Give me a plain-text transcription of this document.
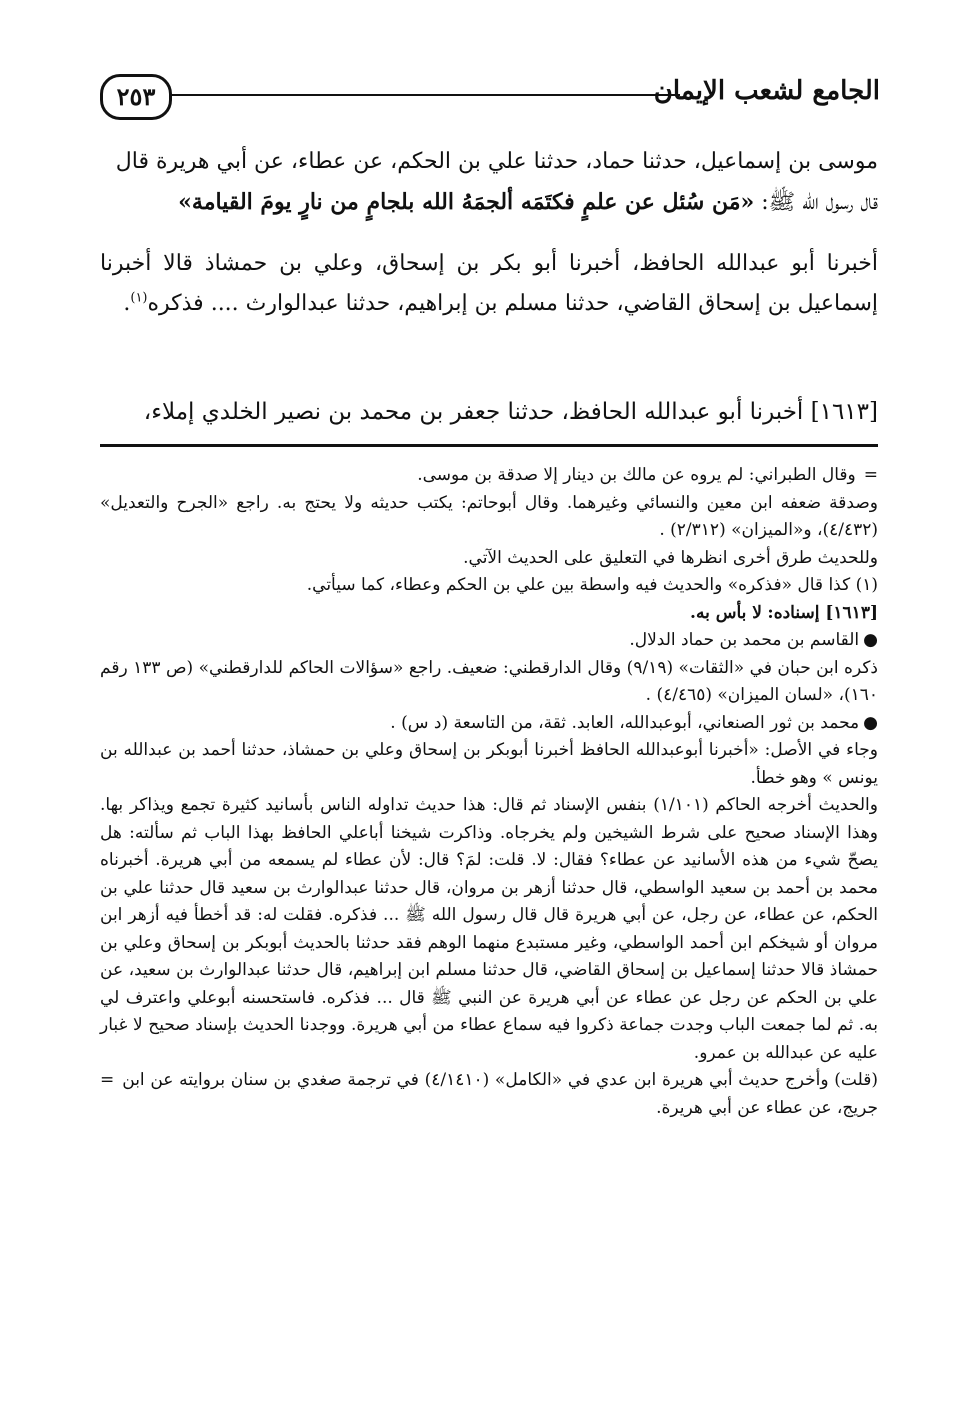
٢٥٣	الجامع لشعب الإيمان
موسى بن إسماعيل، حدثنا حماد، حدثنا علي بن الحكم، عن عطاء، عن أبي هريرة قال
قال رسول الله ﷺ: «مَن سُئل عن علمٍ فكتَمَه ألجمَهُ الله بلجامٍ من نارٍ يومَ القيامة»
أخبرنا أبو عبدالله الحافظ، أخبرنا أبو بكر بن إسحاق، وعلي بن حمشاذ قالا أخبرنا إسماعيل بن إسحاق القاضي، حدثنا مسلم بن إبراهيم، حدثنا عبدالوارث .... فذكره$^{(١)}$.
[١٦١٣] أخبرنا أبو عبدالله الحافظ، حدثنا جعفر بن محمد بن نصير الخلدي إملاء،

=
وقال الطبراني: لم يروه عن مالك بن دينار إلا صدقة بن موسى.

وصدقة ضعفه ابن معين والنسائي وغيرهما. وقال أبوحاتم: يكتب حديثه ولا يحتج به. راجع «الجرح والتعديل» (٤/٤٣٢)، و«الميزان» (٢/٣١٢) .

وللحديث طرق أخرى انظرها في التعليق على الحديث الآتي.

(١) كذا قال «فذكره» والحديث فيه واسطة بين علي بن الحكم وعطاء، كما سيأتي.

[١٦١٣] إسناده: لا بأس به.

●القاسم بن محمد بن حماد الدلال.

ذكره ابن حبان في «الثقات» (٩/١٩) وقال الدارقطني: ضعيف. راجع «سؤالات الحاكم للدارقطني» (ص ١٣٣ رقم ١٦٠)، «لسان الميزان» (٤/٤٦٥) .

●محمد بن ثور الصنعاني، أبوعبدالله، العابد. ثقة، من التاسعة (د س) .

وجاء في الأصل: «أخبرنا أبوعبدالله الحافظ أخبرنا أبوبكر بن إسحاق وعلي بن حمشاذ، حدثنا أحمد بن عبدالله بن يونس » وهو خطأ.

والحديث أخرجه الحاكم (١/١٠١) بنفس الإسناد ثم قال: هذا حديث تداوله الناس بأسانيد كثيرة تجمع ويذاكر بها. وهذا الإسناد صحيح على شرط الشيخين ولم يخرجاه. وذاكرت شيخنا أباعلي الحافظ بهذا الباب ثم سألته: هل يصحّ شيء من هذه الأسانيد عن عطاء؟ فقال: لا. قلت: لمَ؟ قال: لأن عطاء لم يسمعه من أبي هريرة. أخبرناه محمد بن أحمد بن سعيد الواسطي، قال حدثنا أزهر بن مروان، قال حدثنا عبدالوارث بن سعيد قال حدثنا علي بن الحكم، عن عطاء، عن رجل، عن أبي هريرة قال قال رسول الله ﷺ ... فذكره. فقلت له: قد أخطأ فيه أزهر ابن مروان أو شيخكم ابن أحمد الواسطي، وغير مستبدع منهما الوهم فقد حدثنا بالحديث أبوبكر بن إسحاق وعلي بن حمشاذ قالا حدثنا إسماعيل بن إسحاق القاضي، قال حدثنا مسلم ابن إبراهيم، قال حدثنا عبدالوارث بن سعيد، عن علي بن الحكم عن رجل عن عطاء عن أبي هريرة عن النبي ﷺ قال ... فذكره. فاستحسنه أبوعلي واعترف لي به. ثم لما جمعت الباب وجدت جماعة ذكروا فيه سماع عطاء من أبي هريرة. ووجدنا الحديث بإسناد صحيح لا غبار عليه عن عبدالله بن عمرو.

= (قلت) وأخرج حديث أبي هريرة ابن عدي في «الكامل» (٤/١٤١٠) في ترجمة صغدي بن سنان بروايته عن ابن جريج، عن عطاء عن أبي هريرة.
